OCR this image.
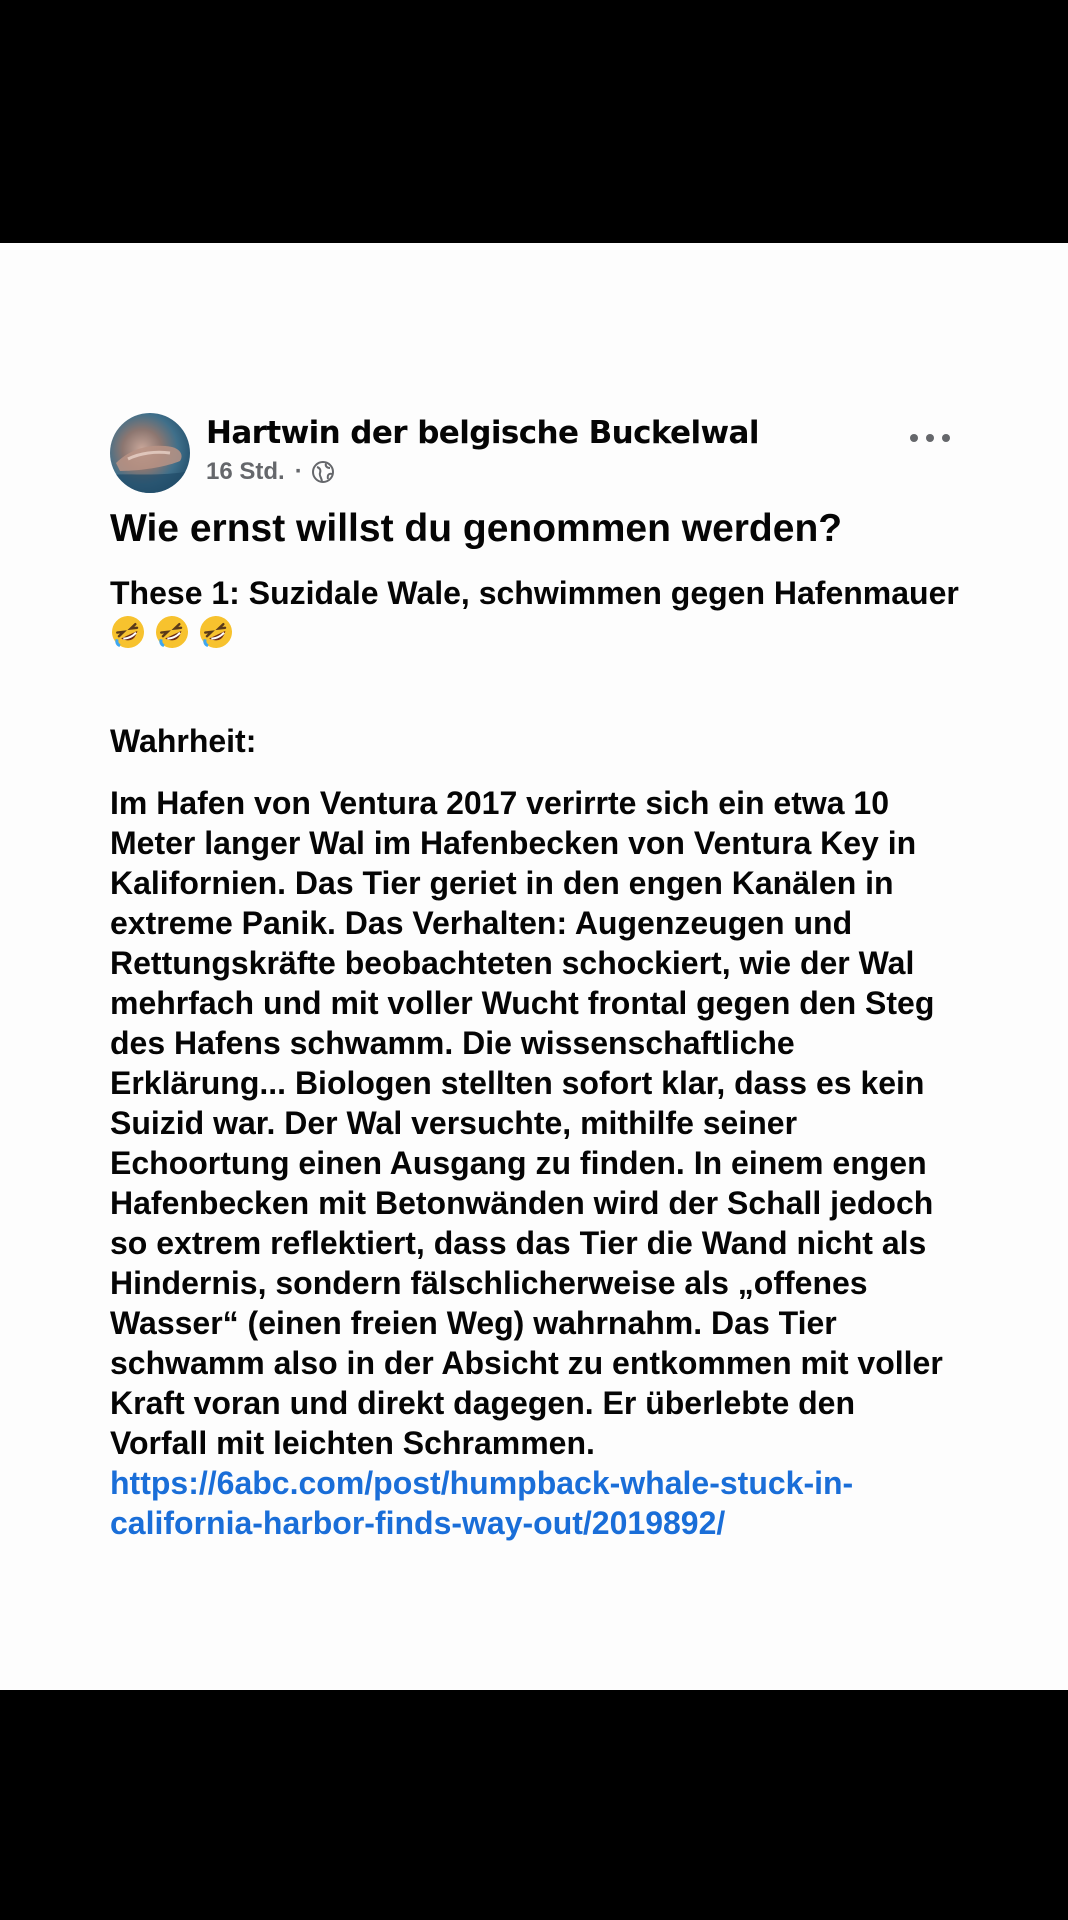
Hartwin der belgische Buckelwal
16 Std. ·

Wie ernst willst du genommen werden?

These 1: Suzidale Wale, schwimmen gegen Hafenmauer

Wahrheit:

Im Hafen von Ventura 2017 verirrte sich ein etwa 10 Meter langer Wal im Hafenbecken von Ventura Key in Kalifornien. Das Tier geriet in den engen Kanälen in extreme Panik. Das Verhalten: Augenzeugen und Rettungskräfte beobachteten schockiert, wie der Wal mehrfach und mit voller Wucht frontal gegen den Steg des Hafens schwamm. Die wissenschaftliche Erklärung... Biologen stellten sofort klar, dass es kein Suizid war. Der Wal versuchte, mithilfe seiner Echoortung einen Ausgang zu finden. In einem engen Hafenbecken mit Betonwänden wird der Schall jedoch so extrem reflektiert, dass das Tier die Wand nicht als Hindernis, sondern fälschlicherweise als „offenes Wasser“ (einen freien Weg) wahrnahm. Das Tier schwamm also in der Absicht zu entkommen mit voller Kraft voran und direkt dagegen. Er überlebte den Vorfall mit leichten Schrammen. https://6abc.com/post/humpback-whale-stuck-in-california-harbor-finds-way-out/2019892/
